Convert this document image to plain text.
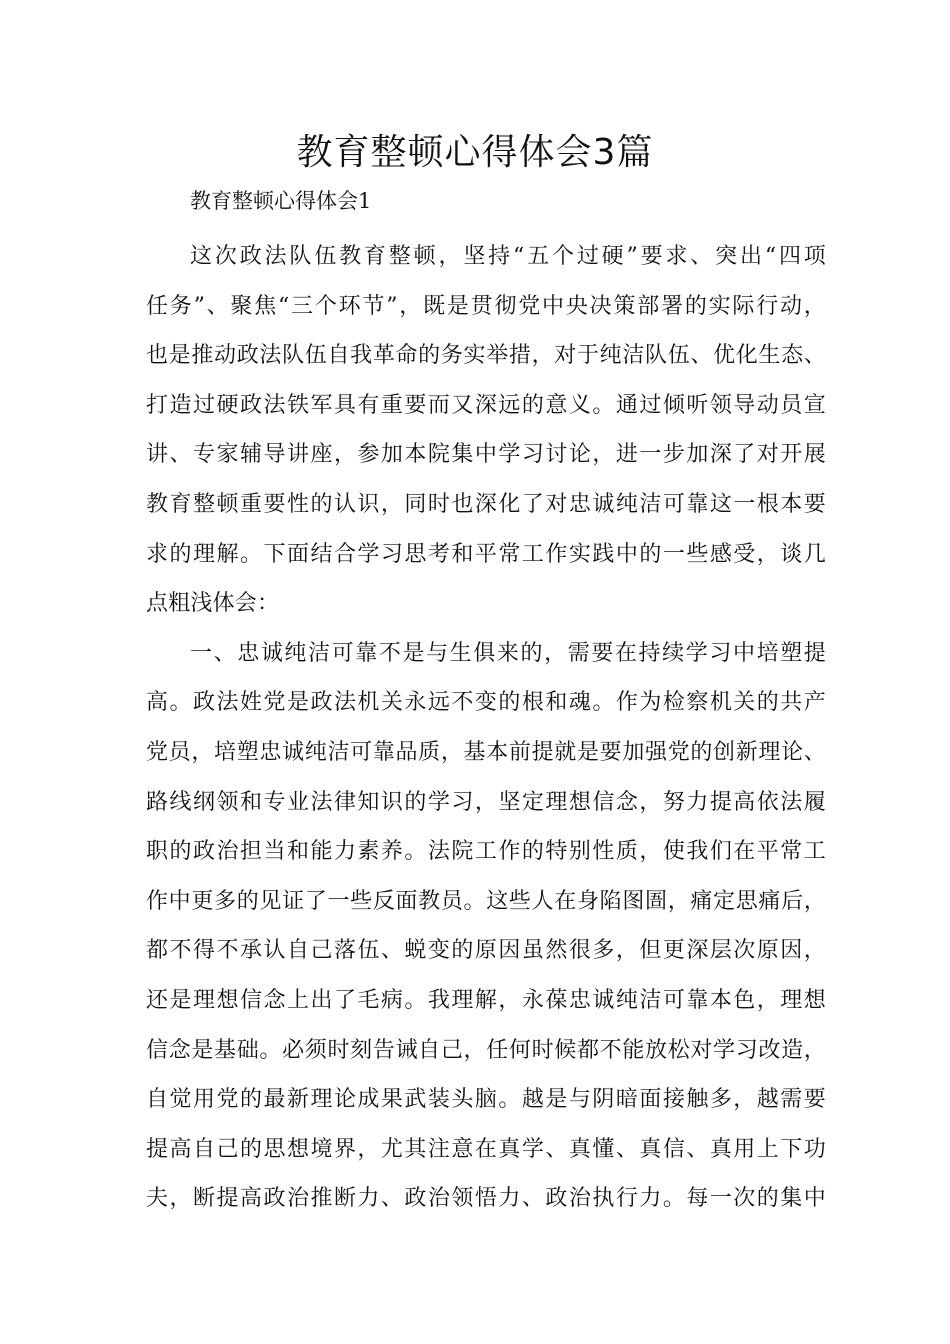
教育整顿心得体会3篇

教育整顿心得体会1

这次政法队伍教育整顿，坚持“五个过硬”要求、突出“四项
任务”、聚焦“三个环节”，既是贯彻党中央决策部署的实际行动，
也是推动政法队伍自我革命的务实举措，对于纯洁队伍、优化生态、
打造过硬政法铁军具有重要而又深远的意义。通过倾听领导动员宣
讲、专家辅导讲座，参加本院集中学习讨论，进一步加深了对开展
教育整顿重要性的认识，同时也深化了对忠诚纯洁可靠这一根本要
求的理解。下面结合学习思考和平常工作实践中的一些感受，谈几
点粗浅体会：
一、忠诚纯洁可靠不是与生俱来的，需要在持续学习中培塑提
高。政法姓党是政法机关永远不变的根和魂。作为检察机关的共产
党员，培塑忠诚纯洁可靠品质，基本前提就是要加强党的创新理论、
路线纲领和专业法律知识的学习，坚定理想信念，努力提高依法履
职的政治担当和能力素养。法院工作的特别性质，使我们在平常工
作中更多的见证了一些反面教员。这些人在身陷图圄，痛定思痛后，
都不得不承认自己落伍、蜕变的原因虽然很多，但更深层次原因，
还是理想信念上出了毛病。我理解，永葆忠诚纯洁可靠本色，理想
信念是基础。必须时刻告诫自己，任何时候都不能放松对学习改造，
自觉用党的最新理论成果武装头脑。越是与阴暗面接触多，越需要
提高自己的思想境界，尤其注意在真学、真懂、真信、真用上下功
夫，断提高政治推断力、政治领悟力、政治执行力。每一次的集中
